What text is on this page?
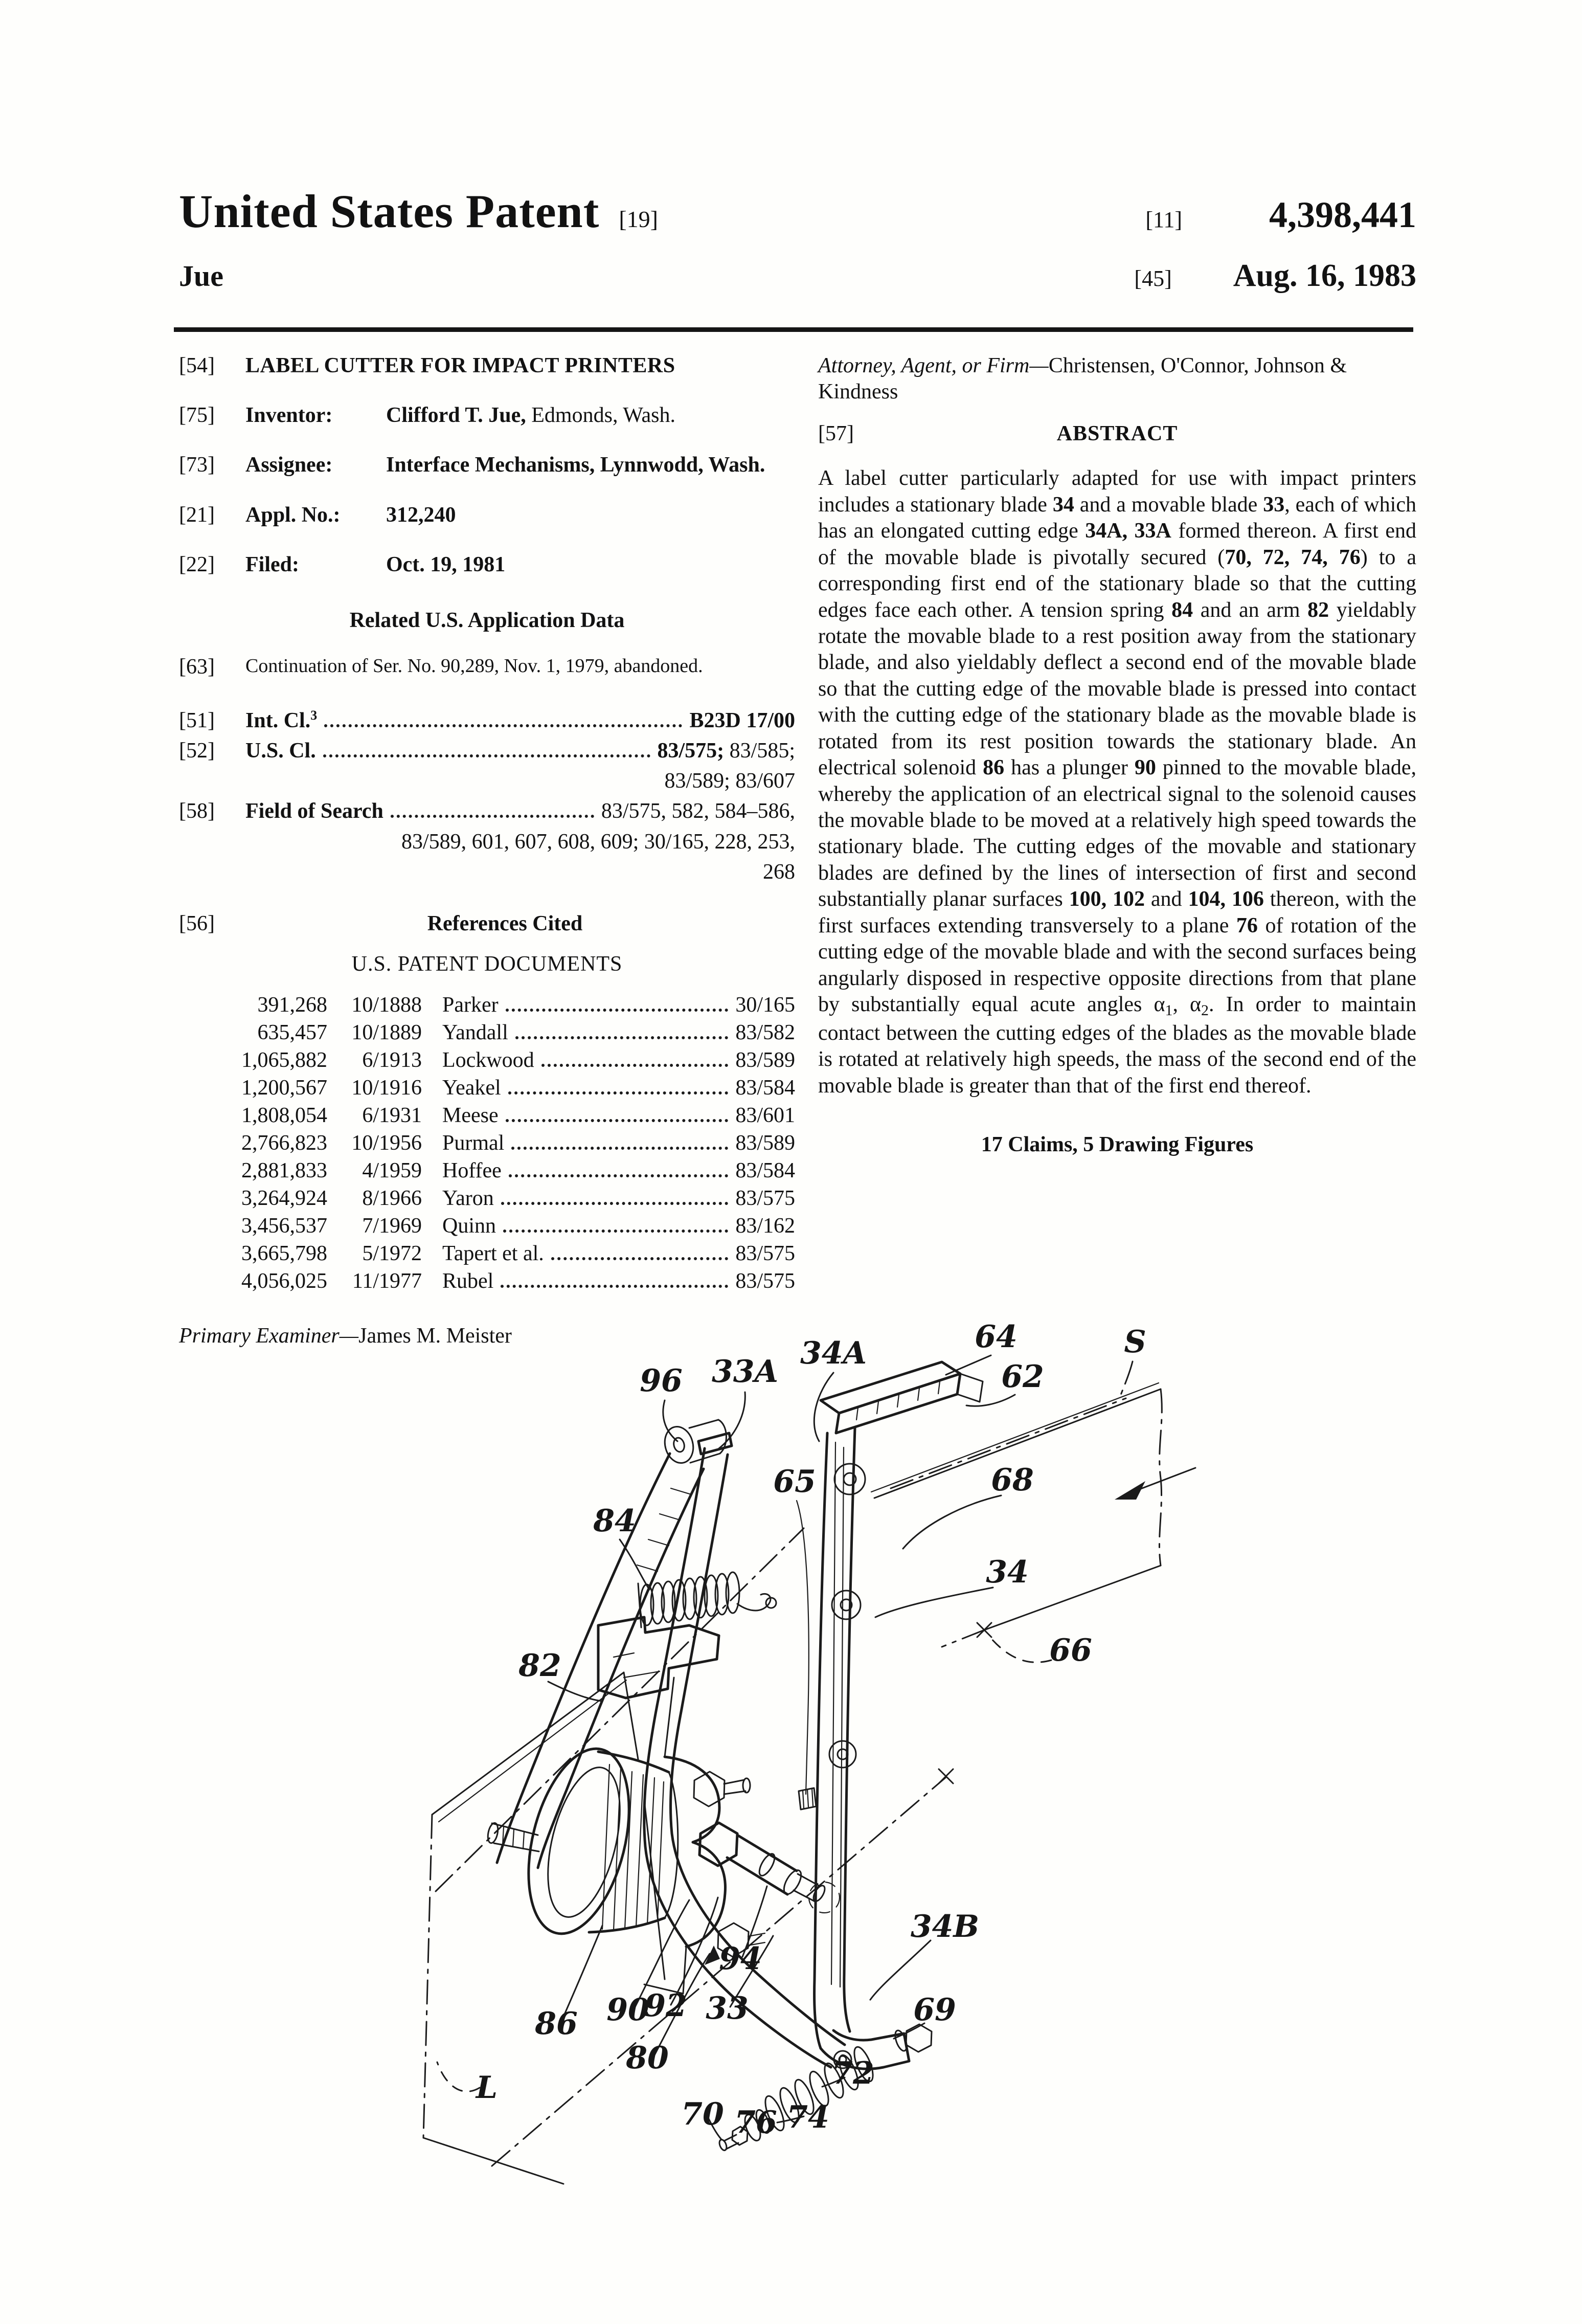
United States Patent [19]	[11] 4,398,441
Jue	[45] Aug. 16, 1983
[54]	LABEL CUTTER FOR IMPACT PRINTERS
[75]	Inventor:	Clifford T. Jue, Edmonds, Wash.
[73]	Assignee:	Interface Mechanisms, Lynnwodd, Wash.
[21]	Appl. No.:	312,240
[22]	Filed:	Oct. 19, 1981
Related U.S. Application Data
[63]	Continuation of Ser. No. 90,289, Nov. 1, 1979, abandoned.
[51]	Int. Cl.$^3$	B23D 17/00
[52]	U.S. Cl.	83/575; 83/585;
83/589; 83/607
[58]	Field of Search	83/575, 582, 584–586,
83/589, 601, 607, 608, 609; 30/165, 228, 253,
268
[56]	References Cited
U.S. PATENT DOCUMENTS
391,268	10/1888 Parker	30/165
635,457	10/1889 Yandall	83/582
1,065,882	6/1913 Lockwood	83/589
1,200,567	10/1916 Yeakel	83/584
1,808,054	6/1931 Meese	83/601
2,766,823	10/1956 Purmal	83/589
2,881,833	4/1959 Hoffee	83/584
3,264,924	8/1966 Yaron	83/575
3,456,537	7/1969 Quinn	83/162
3,665,798	5/1972 Tapert et al.	83/575
4,056,025	11/1977 Rubel	83/575
Primary Examiner—James M. Meister
Attorney, Agent, or Firm—Christensen, O'Connor, Johnson & Kindness
[57]	ABSTRACT

A label cutter particularly adapted for use with impact printers includes a stationary blade 34 and a movable blade 33, each of which has an elongated cutting edge 34A, 33A formed thereon. A first end of the movable blade is pivotally secured (70, 72, 74, 76) to a corresponding first end of the stationary blade so that the cutting edges face each other. A tension spring 84 and an arm 82 yieldably rotate the movable blade to a rest position away from the stationary blade, and also yieldably deflect a second end of the movable blade so that the cutting edge of the movable blade is pressed into contact with the cutting edge of the stationary blade as the movable blade is rotated from its rest position towards the stationary blade. An electrical solenoid 86 has a plunger 90 pinned to the movable blade, whereby the application of an electrical signal to the solenoid causes the movable blade to be moved at a relatively high speed towards the stationary blade. The cutting edges of the movable and stationary blades are defined by the lines of intersection of first and second substantially planar surfaces 100, 102 and 104, 106 thereon, with the first surfaces extending transversely to a plane 76 of rotation of the cutting edge of the movable blade and with the second surfaces being angularly disposed in respective opposite directions from that plane by substantially equal acute angles α1, α2. In order to maintain contact between the cutting edges of the blades as the movable blade is rotated at relatively high speeds, the mass of the second end of the movable blade is greater than that of the first end thereof.

17 Claims, 5 Drawing Figures
96 33A
34A	64	S
62
84
65	68
82
34
66
34B
94
86 90
92 33	69
80	72
70 76 74
L
